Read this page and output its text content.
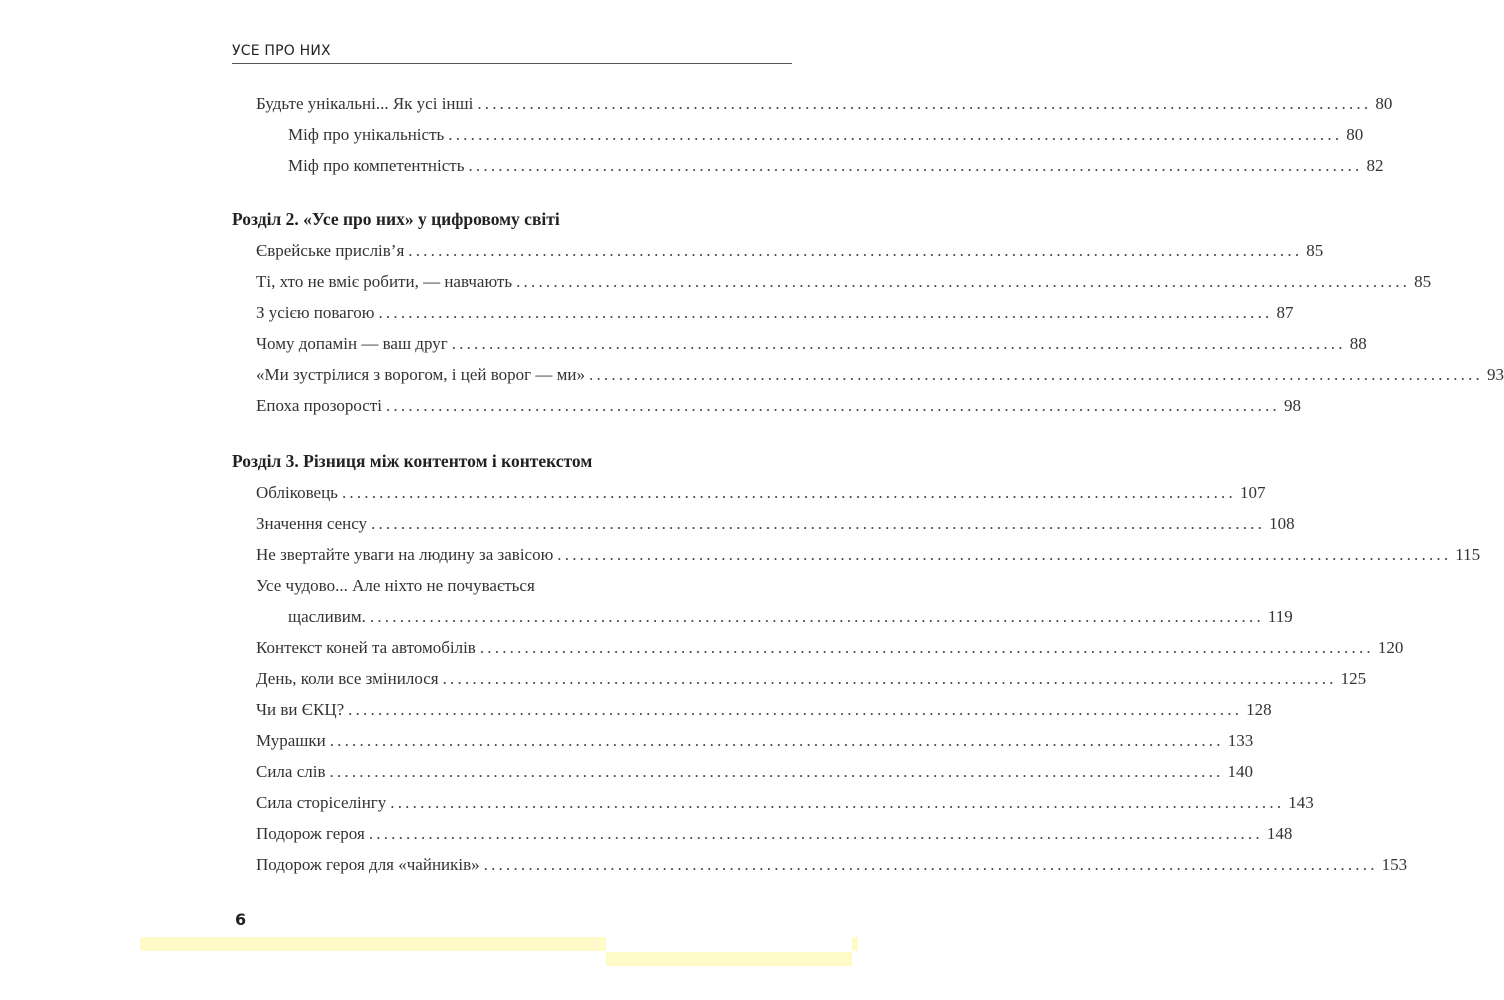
УСЕ ПРО НИХ
Будьте унікальні... Як усі інші ........................................................................................................................ 80
Міф про унікальність ........................................................................................................................ 80
Міф про компетентність ........................................................................................................................ 82
Розділ 2. «Усе про них» у цифровому світі
Єврейське прислів’я ........................................................................................................................ 85
Ті, хто не вміє робити, — навчають ........................................................................................................................ 85
З усією повагою ........................................................................................................................ 87
Чому допамін — ваш друг ........................................................................................................................ 88
«Ми зустрілися з ворогом, і цей ворог — ми» ........................................................................................................................ 93
Епоха прозорості ........................................................................................................................ 98
Розділ 3. Різниця між контентом і контекстом
Обліковець ........................................................................................................................ 107
Значення сенсу ........................................................................................................................ 108
Не звертайте уваги на людину за завісою ........................................................................................................................ 115
Усе чудово... Але ніхто не почувається
щасливим. ........................................................................................................................ 119
Контекст коней та автомобілів ........................................................................................................................ 120
День, коли все змінилося ........................................................................................................................ 125
Чи ви ЄКЦ? ........................................................................................................................ 128
Мурашки ........................................................................................................................ 133
Сила слів ........................................................................................................................ 140
Сила сторіселінгу ........................................................................................................................ 143
Подорож героя ........................................................................................................................ 148
Подорож героя для «чайників» ........................................................................................................................ 153
6
